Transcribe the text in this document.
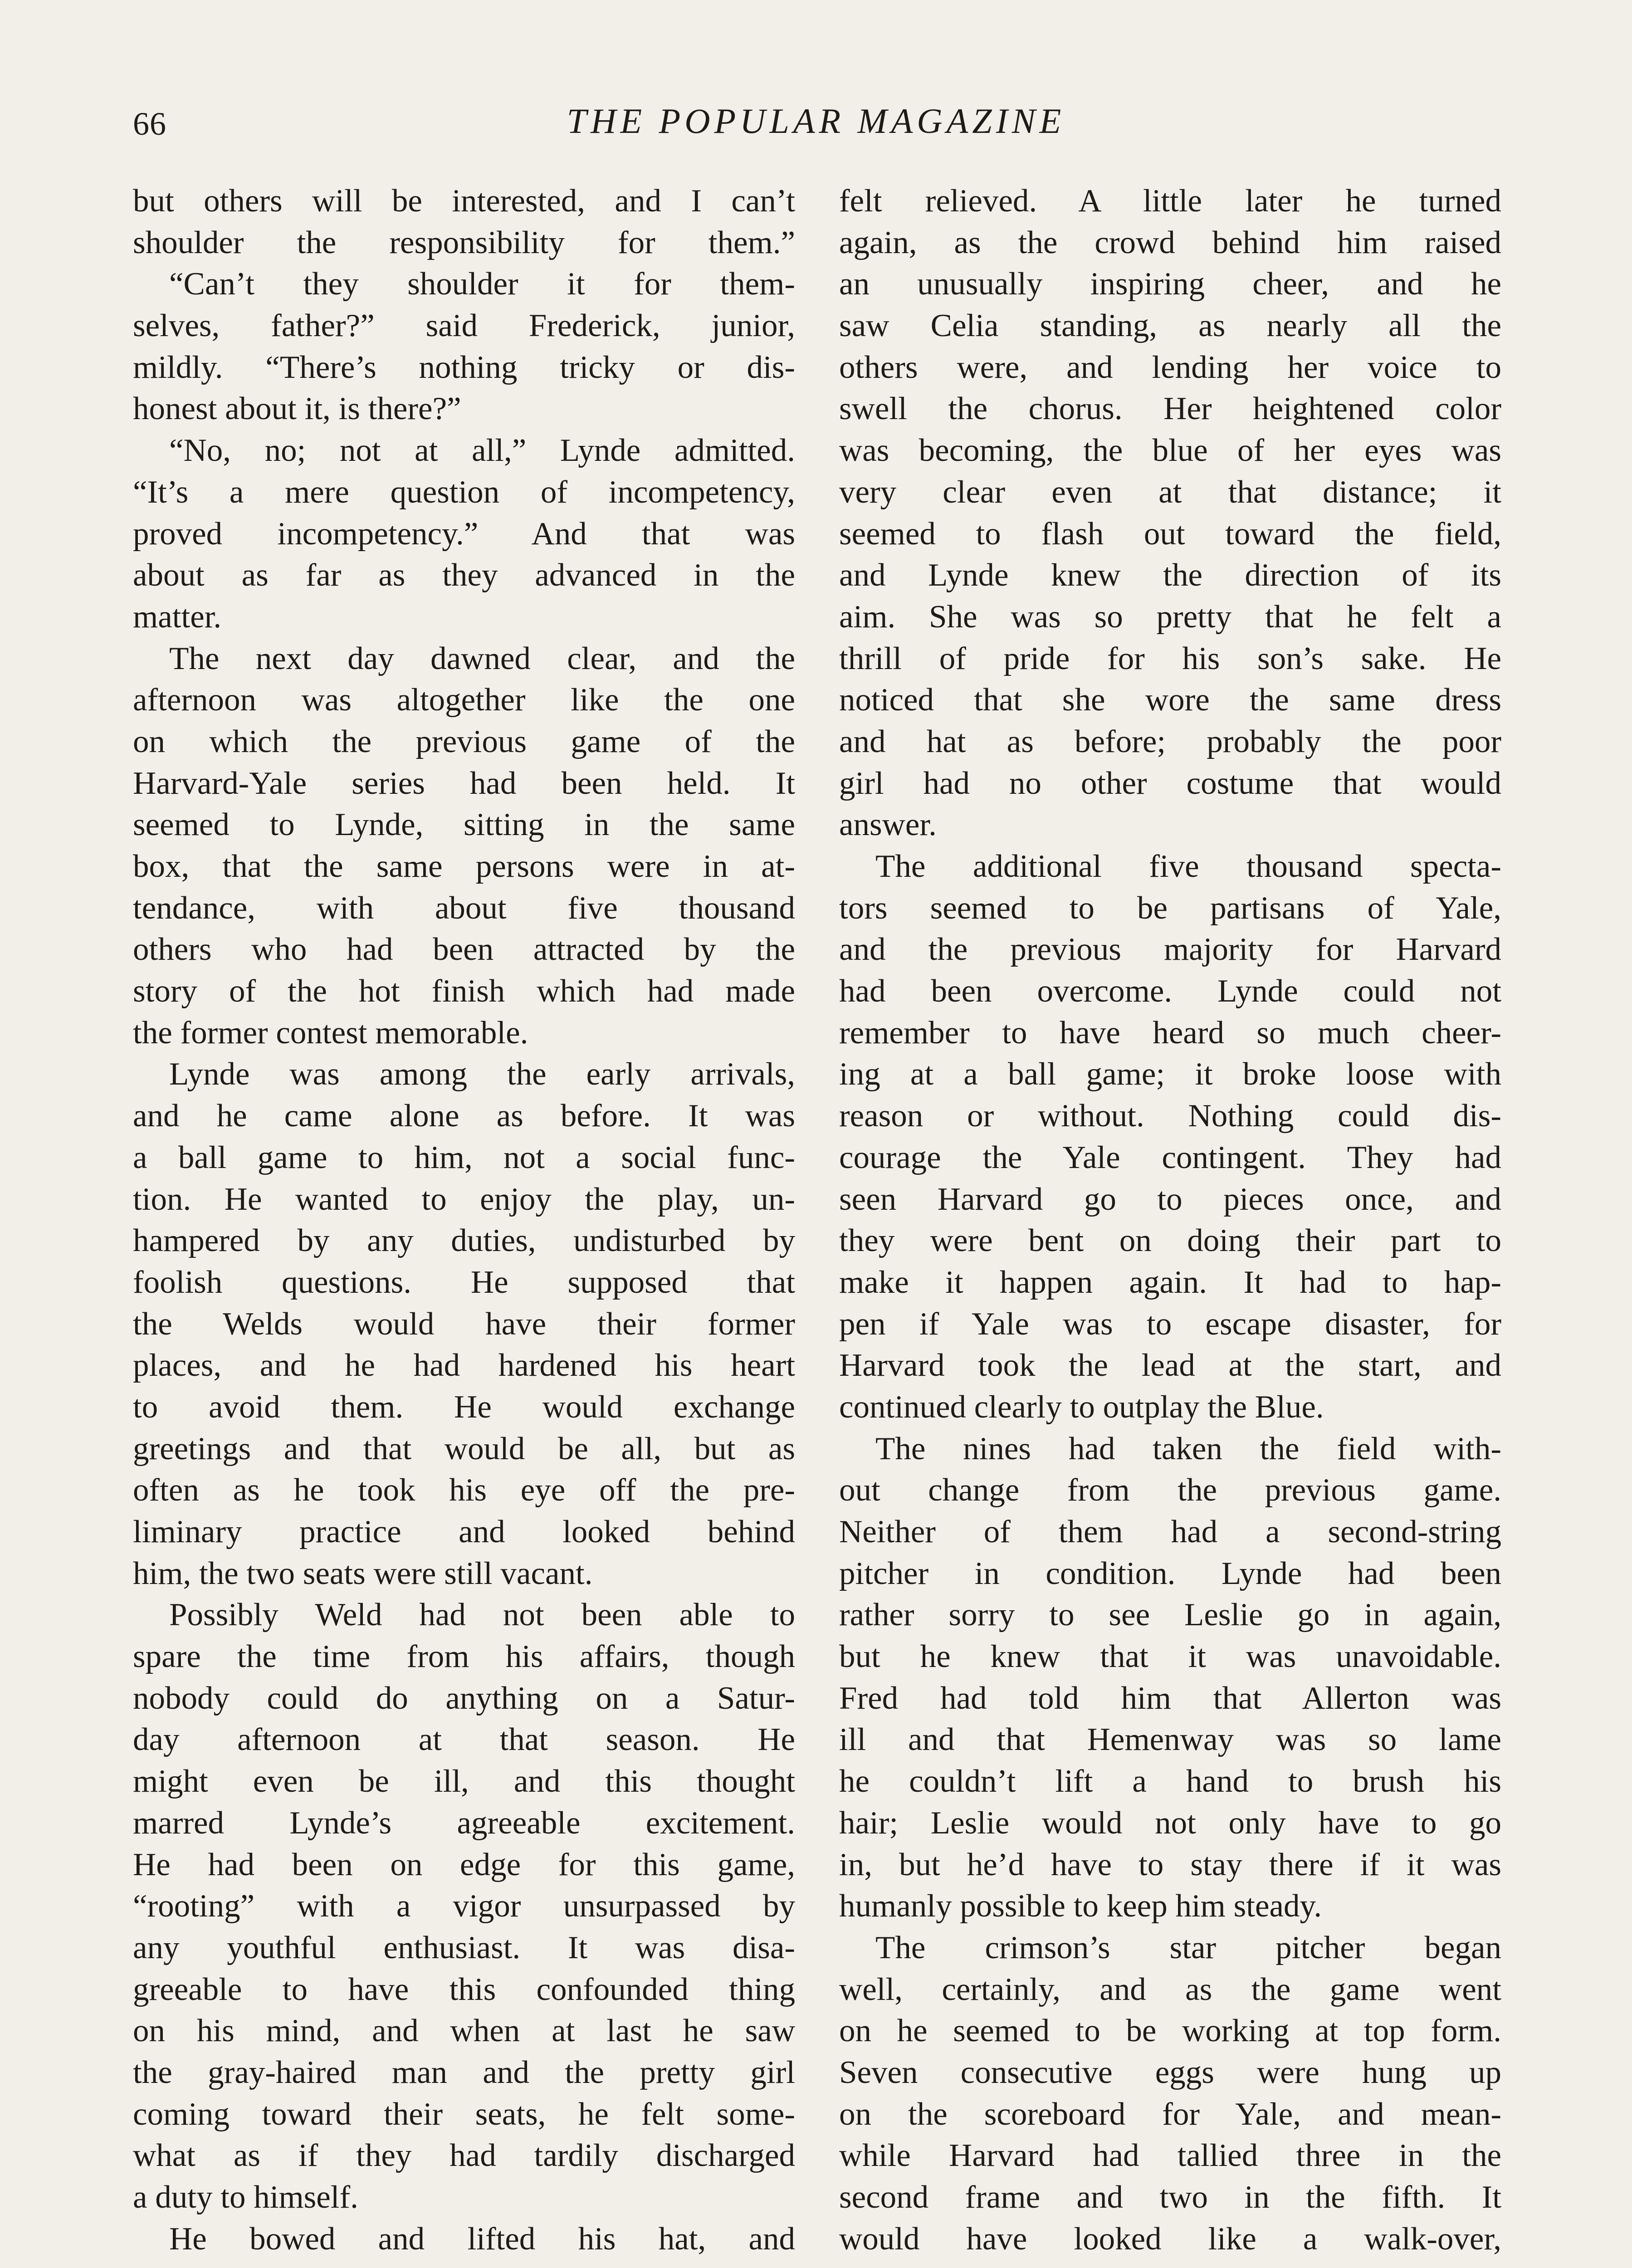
66	THE POPULAR MAGAZINE
but others will be interested, and I can’t
shoulder the responsibility for them.”
“Can’t they shoulder it for them-
selves, father?” said Frederick, junior,
mildly. “There’s nothing tricky or dis-
honest about it, is there?”
“No, no; not at all,” Lynde admitted.
“It’s a mere question of incompetency,
proved incompetency.” And that was
about as far as they advanced in the
matter.
The next day dawned clear, and the
afternoon was altogether like the one
on which the previous game of the
Harvard-Yale series had been held. It
seemed to Lynde, sitting in the same
box, that the same persons were in at-
tendance, with about five thousand
others who had been attracted by the
story of the hot finish which had made
the former contest memorable.
Lynde was among the early arrivals,
and he came alone as before. It was
a ball game to him, not a social func-
tion. He wanted to enjoy the play, un-
hampered by any duties, undisturbed by
foolish questions. He supposed that
the Welds would have their former
places, and he had hardened his heart
to avoid them. He would exchange
greetings and that would be all, but as
often as he took his eye off the pre-
liminary practice and looked behind
him, the two seats were still vacant.
Possibly Weld had not been able to
spare the time from his affairs, though
nobody could do anything on a Satur-
day afternoon at that season. He
might even be ill, and this thought
marred Lynde’s agreeable excitement.
He had been on edge for this game,
“rooting” with a vigor unsurpassed by
any youthful enthusiast. It was disa-
greeable to have this confounded thing
on his mind, and when at last he saw
the gray-haired man and the pretty girl
coming toward their seats, he felt some-
what as if they had tardily discharged
a duty to himself.
He bowed and lifted his hat, and
felt relieved. A little later he turned
again, as the crowd behind him raised
an unusually inspiring cheer, and he
saw Celia standing, as nearly all the
others were, and lending her voice to
swell the chorus. Her heightened color
was becoming, the blue of her eyes was
very clear even at that distance; it
seemed to flash out toward the field,
and Lynde knew the direction of its
aim. She was so pretty that he felt a
thrill of pride for his son’s sake. He
noticed that she wore the same dress
and hat as before; probably the poor
girl had no other costume that would
answer.
The additional five thousand specta-
tors seemed to be partisans of Yale,
and the previous majority for Harvard
had been overcome. Lynde could not
remember to have heard so much cheer-
ing at a ball game; it broke loose with
reason or without. Nothing could dis-
courage the Yale contingent. They had
seen Harvard go to pieces once, and
they were bent on doing their part to
make it happen again. It had to hap-
pen if Yale was to escape disaster, for
Harvard took the lead at the start, and
continued clearly to outplay the Blue.
The nines had taken the field with-
out change from the previous game.
Neither of them had a second-string
pitcher in condition. Lynde had been
rather sorry to see Leslie go in again,
but he knew that it was unavoidable.
Fred had told him that Allerton was
ill and that Hemenway was so lame
he couldn’t lift a hand to brush his
hair; Leslie would not only have to go
in, but he’d have to stay there if it was
humanly possible to keep him steady.
The crimson’s star pitcher began
well, certainly, and as the game went
on he seemed to be working at top form.
Seven consecutive eggs were hung up
on the scoreboard for Yale, and mean-
while Harvard had tallied three in the
second frame and two in the fifth. It
would have looked like a walk-over,
